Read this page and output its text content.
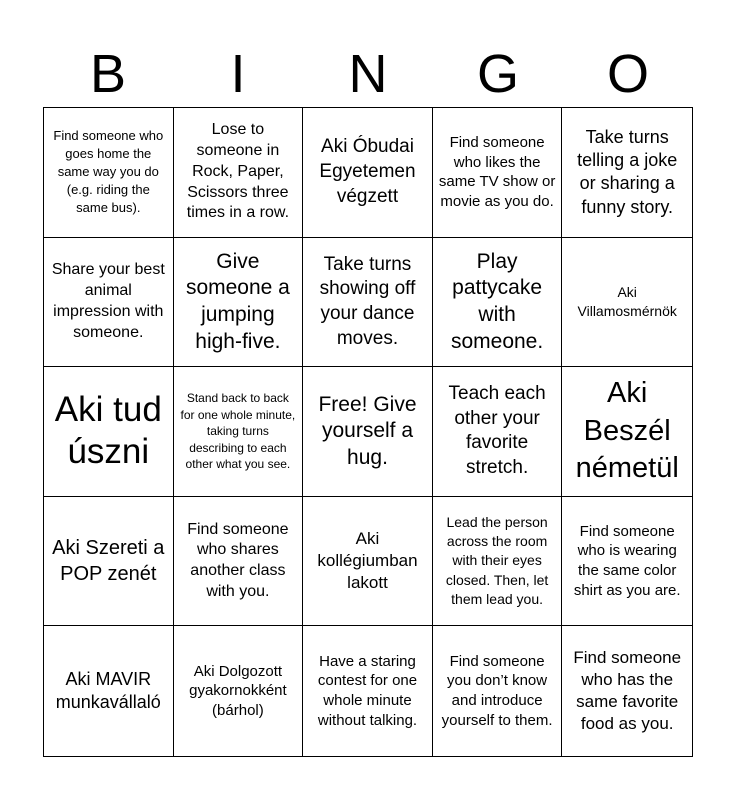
B	I	N	G	O
Find someone who goes home the same way you do (e.g. riding the same bus).
Lose to someone in Rock, Paper, Scissors three times in a row.
Aki Óbudai Egyetemen végzett
Find someone who likes the same TV show or movie as you do.
Take turns telling a joke or sharing a funny story.
Share your best animal impression with someone.
Give someone a jumping high-five.
Take turns showing off your dance moves.
Play pattycake with someone.
Aki Villamosmérnök
Aki tud úszni
Stand back to back for one whole minute, taking turns describing to each other what you see.
Free! Give yourself a hug.
Teach each other your favorite stretch.
Aki Beszél németül
Aki Szereti a POP zenét
Find someone who shares another class with you.
Aki kollégiumban lakott
Lead the person across the room with their eyes closed. Then, let them lead you.
Find someone who is wearing the same color shirt as you are.
Aki MAVIR munkavállaló
Aki Dolgozott gyakornokként (bárhol)
Have a staring contest for one whole minute without talking.
Find someone you don’t know and introduce yourself to them.
Find someone who has the same favorite food as you.
